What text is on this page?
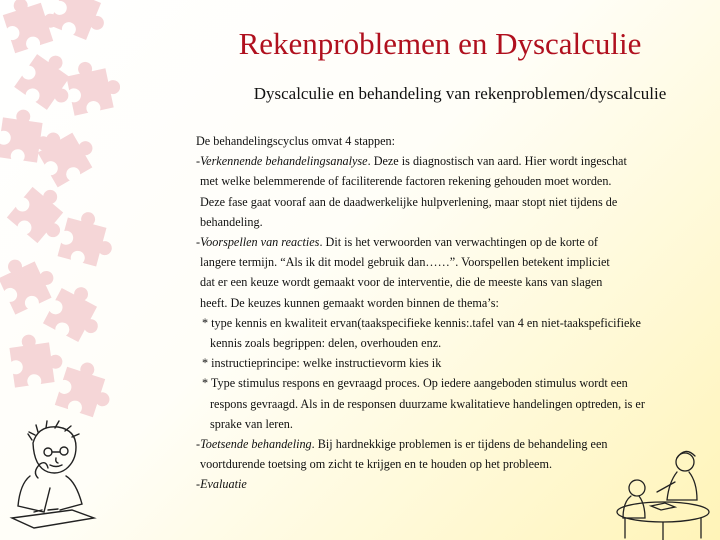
Rekenproblemen en Dyscalculie
Dyscalculie en behandeling van rekenproblemen/dyscalculie
De behandelingscyclus omvat 4 stappen:
-Verkennende behandelingsanalyse. Deze is diagnostisch van aard. Hier wordt ingeschat
met welke belemmerende of faciliterende factoren rekening gehouden moet worden.
Deze fase gaat vooraf aan de daadwerkelijke hulpverlening, maar stopt niet tijdens de
behandeling.
-Voorspellen van reacties. Dit is het verwoorden van verwachtingen op de korte of
langere termijn. “Als ik dit model gebruik dan……”. Voorspellen betekent impliciet
dat er een keuze wordt gemaakt voor de interventie, die de meeste kans van slagen
heeft. De keuzes kunnen gemaakt worden binnen de thema’s:
* type kennis en kwaliteit ervan(taakspecifieke kennis:.tafel van 4 en niet-taakspeficifieke
kennis zoals begrippen: delen, overhouden enz.
* instructieprincipe: welke instructievorm kies ik
* Type stimulus respons en gevraagd proces. Op iedere aangeboden stimulus wordt een
respons gevraagd. Als in de responsen duurzame kwalitatieve handelingen optreden, is er
sprake van leren.
-Toetsende behandeling. Bij hardnekkige problemen is er tijdens de behandeling een
voortdurende toetsing om zicht te krijgen en te houden op het probleem.
-Evaluatie
